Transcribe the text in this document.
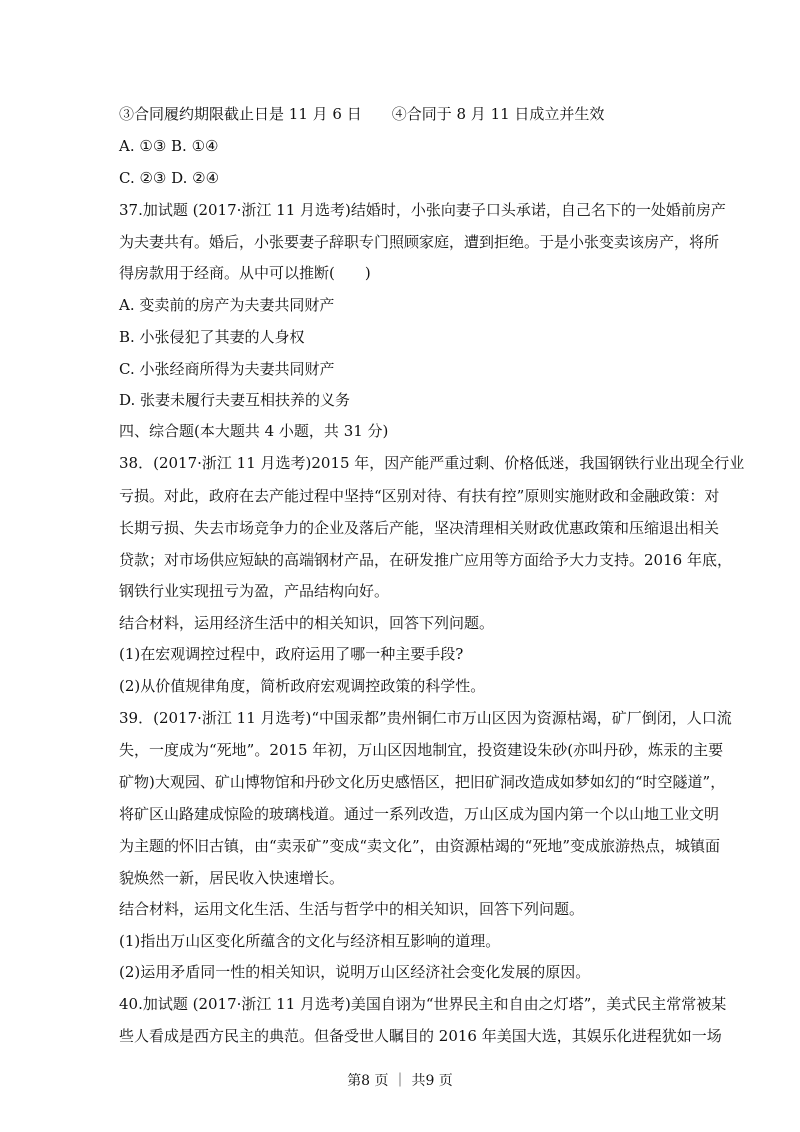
③合同履约期限截止日是 11 月 6 日 ④合同于 8 月 11 日成立并生效
A. ①③ B. ①④
C. ②③ D. ②④
37.加试题 (2017·浙江 11 月选考)结婚时，小张向妻子口头承诺，自己名下的一处婚前房产
为夫妻共有。婚后，小张要妻子辞职专门照顾家庭，遭到拒绝。于是小张变卖该房产，将所
得房款用于经商。从中可以推断(　　)
A. 变卖前的房产为夫妻共同财产
B. 小张侵犯了其妻的人身权
C. 小张经商所得为夫妻共同财产
D. 张妻未履行夫妻互相扶养的义务
四、综合题(本大题共 4 小题，共 31 分)
38．(2017·浙江 11 月选考)2015 年，因产能严重过剩、价格低迷，我国钢铁行业出现全行业
亏损。对此，政府在去产能过程中坚持“区别对待、有扶有控”原则实施财政和金融政策：对
长期亏损、失去市场竞争力的企业及落后产能，坚决清理相关财政优惠政策和压缩退出相关
贷款；对市场供应短缺的高端钢材产品，在研发推广应用等方面给予大力支持。2016 年底，
钢铁行业实现扭亏为盈，产品结构向好。
结合材料，运用经济生活中的相关知识，回答下列问题。
(1)在宏观调控过程中，政府运用了哪一种主要手段?
(2)从价值规律角度，简析政府宏观调控政策的科学性。
39．(2017·浙江 11 月选考)“中国汞都”贵州铜仁市万山区因为资源枯竭，矿厂倒闭，人口流
失，一度成为“死地”。2015 年初，万山区因地制宜，投资建设朱砂(亦叫丹砂，炼汞的主要
矿物)大观园、矿山博物馆和丹砂文化历史感悟区，把旧矿洞改造成如梦如幻的“时空隧道”，
将矿区山路建成惊险的玻璃栈道。通过一系列改造，万山区成为国内第一个以山地工业文明
为主题的怀旧古镇，由“卖汞矿”变成“卖文化”，由资源枯竭的“死地”变成旅游热点，城镇面
貌焕然一新，居民收入快速增长。
结合材料，运用文化生活、生活与哲学中的相关知识，回答下列问题。
(1)指出万山区变化所蕴含的文化与经济相互影响的道理。
(2)运用矛盾同一性的相关知识，说明万山区经济社会变化发展的原因。
40.加试题 (2017·浙江 11 月选考)美国自诩为“世界民主和自由之灯塔”，美式民主常常被某
些人看成是西方民主的典范。但备受世人瞩目的 2016 年美国大选，其娱乐化进程犹如一场
第8 页 ｜ 共9 页
